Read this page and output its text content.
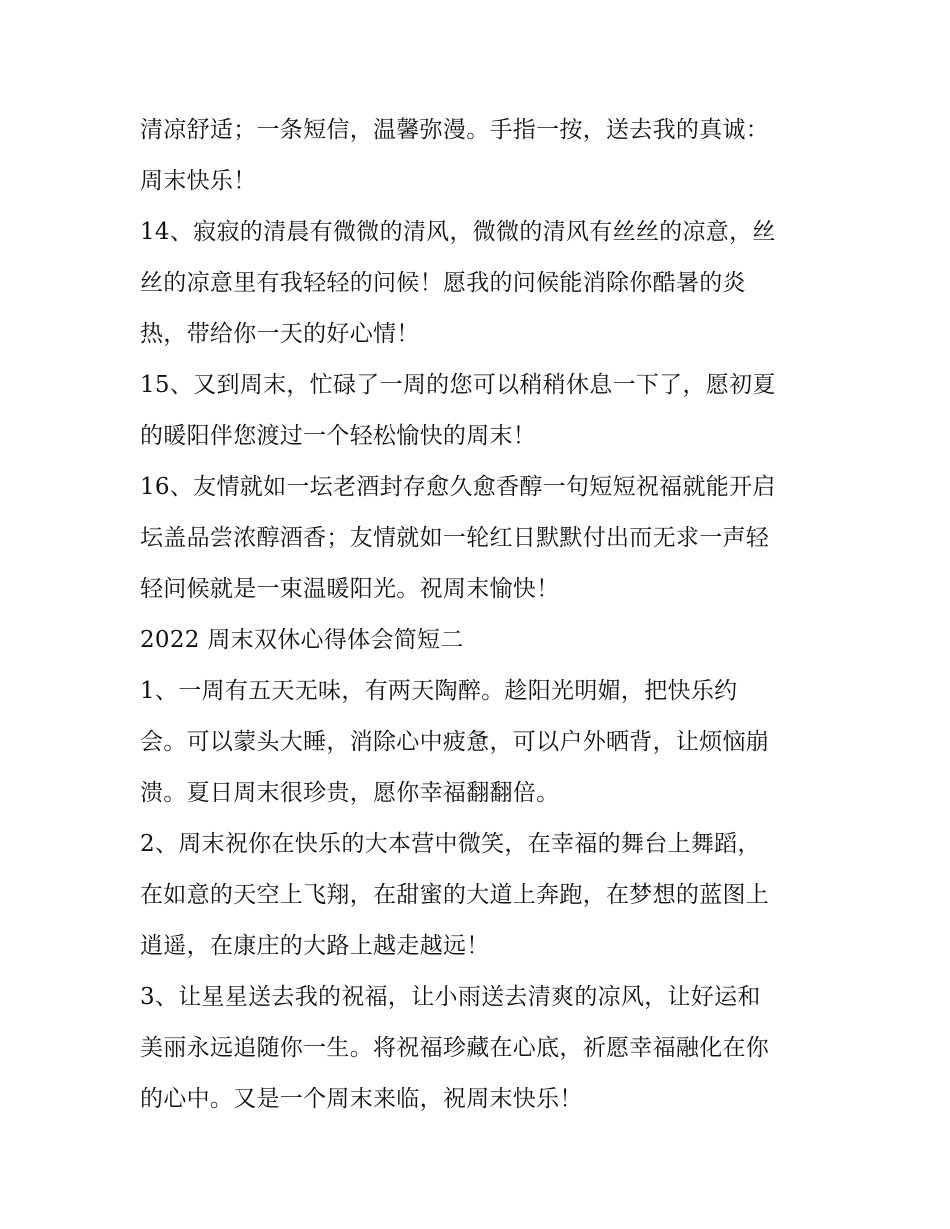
清凉舒适；一条短信，温馨弥漫。手指一按，送去我的真诚：
周末快乐！
14、寂寂的清晨有微微的清风，微微的清风有丝丝的凉意，丝
丝的凉意里有我轻轻的问候！愿我的问候能消除你酷暑的炎
热，带给你一天的好心情！
15、又到周末，忙碌了一周的您可以稍稍休息一下了，愿初夏
的暖阳伴您渡过一个轻松愉快的周末！
16、友情就如一坛老酒封存愈久愈香醇一句短短祝福就能开启
坛盖品尝浓醇酒香；友情就如一轮红日默默付出而无求一声轻
轻问候就是一束温暖阳光。祝周末愉快！
2022 周末双休心得体会简短二
1、一周有五天无味，有两天陶醉。趁阳光明媚，把快乐约
会。可以蒙头大睡，消除心中疲惫，可以户外晒背，让烦恼崩
溃。夏日周末很珍贵，愿你幸福翻翻倍。
2、周末祝你在快乐的大本营中微笑，在幸福的舞台上舞蹈，
在如意的天空上飞翔，在甜蜜的大道上奔跑，在梦想的蓝图上
逍遥，在康庄的大路上越走越远！
3、让星星送去我的祝福，让小雨送去清爽的凉风，让好运和
美丽永远追随你一生。将祝福珍藏在心底，祈愿幸福融化在你
的心中。又是一个周末来临，祝周末快乐！
